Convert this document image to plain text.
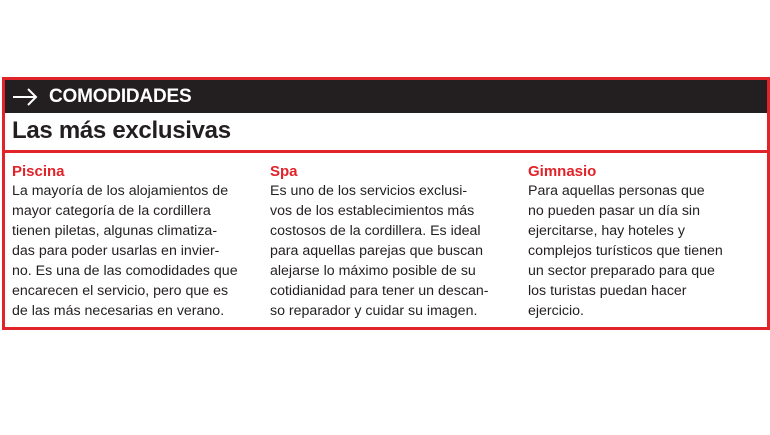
COMODIDADES
Las más exclusivas
Piscina
La mayoría de los alojamientos de
mayor categoría de la cordillera
tienen piletas, algunas climatiza-
das para poder usarlas en invier-
no. Es una de las comodidades que
encarecen el servicio, pero que es
de las más necesarias en verano.
Spa
Es uno de los servicios exclusi-
vos de los establecimientos más
costosos de la cordillera. Es ideal
para aquellas parejas que buscan
alejarse lo máximo posible de su
cotidianidad para tener un descan-
so reparador y cuidar su imagen.
Gimnasio
Para aquellas personas que
no pueden pasar un día sin
ejercitarse, hay hoteles y
complejos turísticos que tienen
un sector preparado para que
los turistas puedan hacer
ejercicio.
